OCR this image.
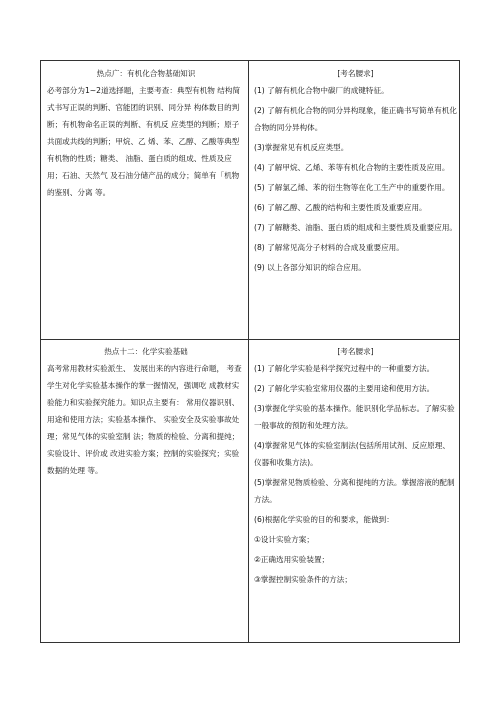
热点广：有机化合物基础知识

必考部分为1~2道选择题，主要考查：典型有机物 结构简式书写正误的判断、官能团的识别、同分异 构体数目的判断；有机物命名正误的判断、有机反 应类型的判断；原子共面或共线的判断；甲烷、乙 烯、苯、乙醇、乙酸等典型有机物的性质；糖类、 油脂、蛋白质的组成、性质及应用；石油、天然气 及石油分储产品的成分；简单有「机物的鉴别、分离 等。

[考名腰求]
(1) 了解有机化合物中碳厂的成键特征。
(2) 了解有机化合物的同分异构现象，能正确书写简单有机化合物的同分异构体。
(3)掌握常见有机反应类型。
(4) 了解甲烷、乙烯、苯等有机化合物的主要性质及应用。
(5) 了解氯乙烯、苯的衍生物等在化工生产中的重要作用。
(6) 了解乙醇、乙酸的结构和主要性质及重要应用。
(7) 了解糖类、油脂、蛋白质的组成和主要性质及重要应用。
(8) 了解常见高分子材料的合成及重要应用。
(9) 以上各部分知识的综合应用。
热点十二：化学实验基础

高考常用教材实验派生、 发展出来的内容进行命题， 考查学生对化学实验基本操作的掌一握情况，强调吃 成教材实验能力和实验探究能力。知识点主要有： 常用仪器识别、用途和使用方法；实验基本操作、 实验安全及实验事故处理；常见气体的实验室制 法；物质的检验、分离和提纯；实验设计、评价或 改进实验方案；控制的实验探究；实验数据的处理 等。

[考名腰求]
(1) 了解化学实验是科学探究过程中的一种重要方法。
(2) 了解化学实验室常用仪器的主要用途和使用方法。
(3)掌握化学实验的基本操作。能识别化学品标志。了解实验一般事故的预防和处理方法。
(4)掌握常见气体的实验室制法(包括所用试剂、反应原理、仪器和收集方法)。
(5)掌握常见物质检验、分离和提纯的方法。掌握溶液的配制方法。
(6)根据化学实验的目的和要求，能做到：
①设计实验方案；
②正确选用实验装置；
③掌握控制实验条件的方法；
